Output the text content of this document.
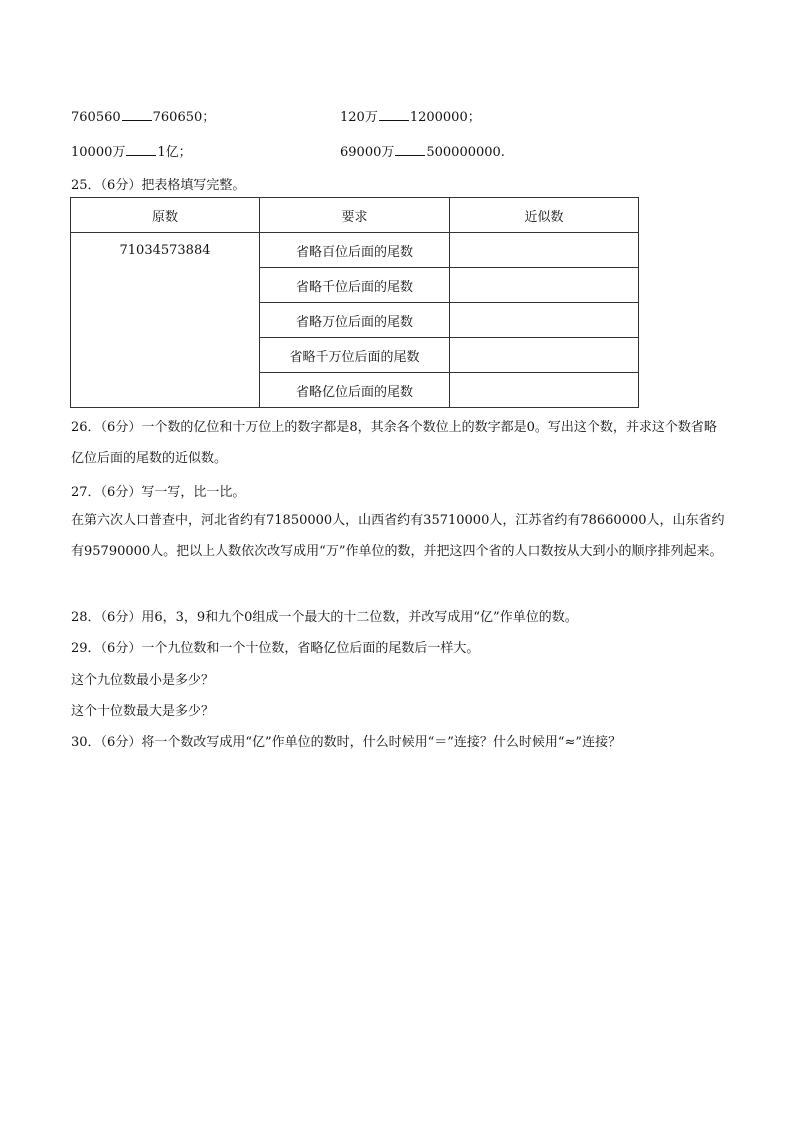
760560 760650；	120万 1200000；
10000万 1亿；	69000万 500000000.
25．（6分）把表格填写完整。
原数	要求	近似数
71034573884	省略百位后面的尾数	
	省略千位后面的尾数	
	省略万位后面的尾数	
	省略千万位后面的尾数	
	省略亿位后面的尾数	
26．（6分）一个数的亿位和十万位上的数字都是8，其余各个数位上的数字都是0。写出这个数，并求这个数省略亿位后面的尾数的近似数。
27．（6分）写一写，比一比。
在第六次人口普查中，河北省约有71850000人，山西省约有35710000人，江苏省约有78660000人，山东省约有95790000人。把以上人数依次改写成用“万”作单位的数，并把这四个省的人口数按从大到小的顺序排列起来。
28．（6分）用6，3，9和九个0组成一个最大的十二位数，并改写成用“亿”作单位的数。
29．（6分）一个九位数和一个十位数，省略亿位后面的尾数后一样大。
这个九位数最小是多少？
这个十位数最大是多少？
30．（6分）将一个数改写成用“亿”作单位的数时，什么时候用“＝”连接？什么时候用“≈”连接？
